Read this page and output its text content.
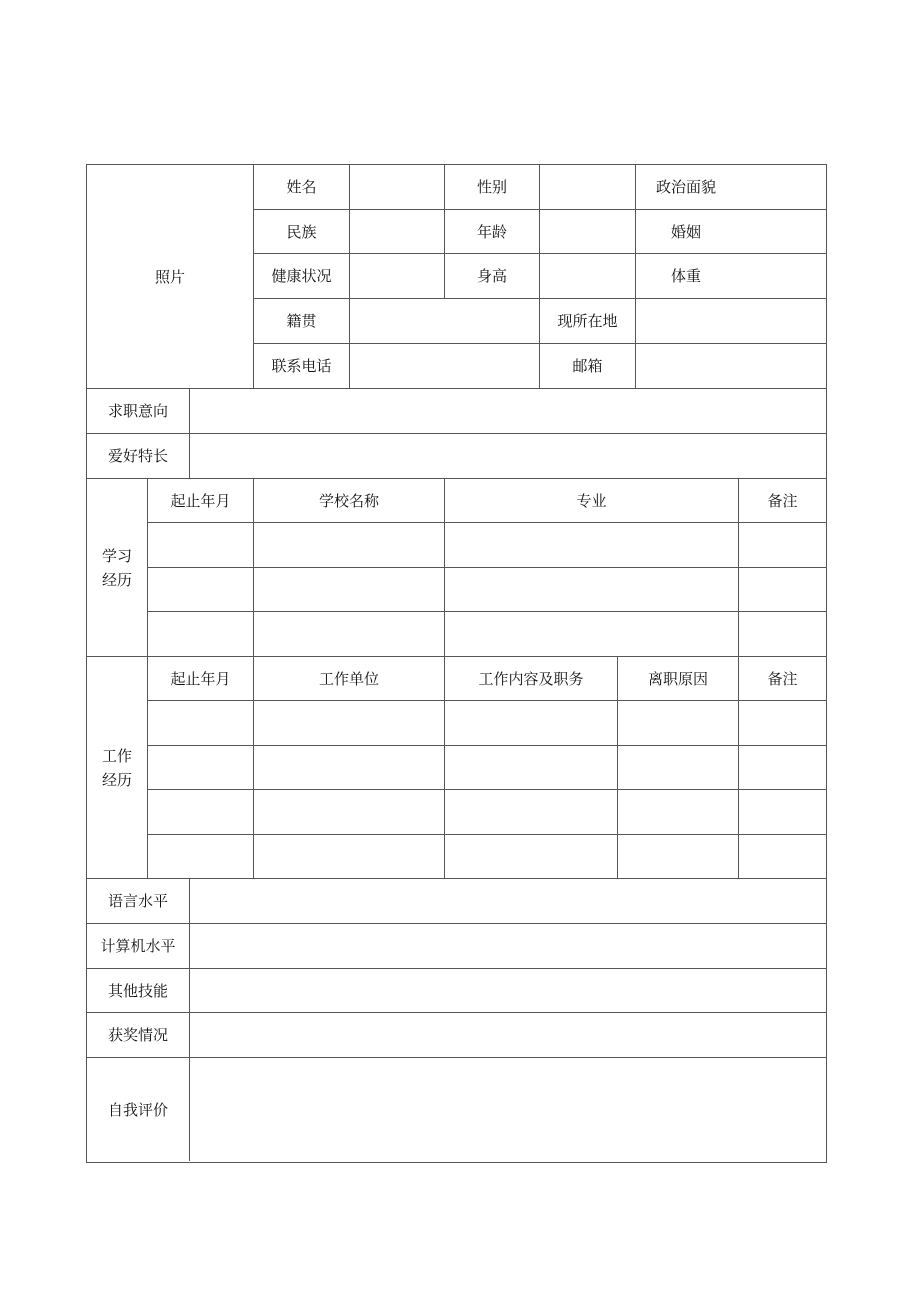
照片
姓名	性别	政治面貌
民族	年龄	婚姻
健康状况	身高	体重
籍贯	现所在地
联系电话	邮箱
求职意向
爱好特长
学习
经历
起止年月	学校名称	专业	备注
工作
经历
起止年月	工作单位	工作内容及职务	离职原因	备注
语言水平
计算机水平
其他技能
获奖情况
自我评价
